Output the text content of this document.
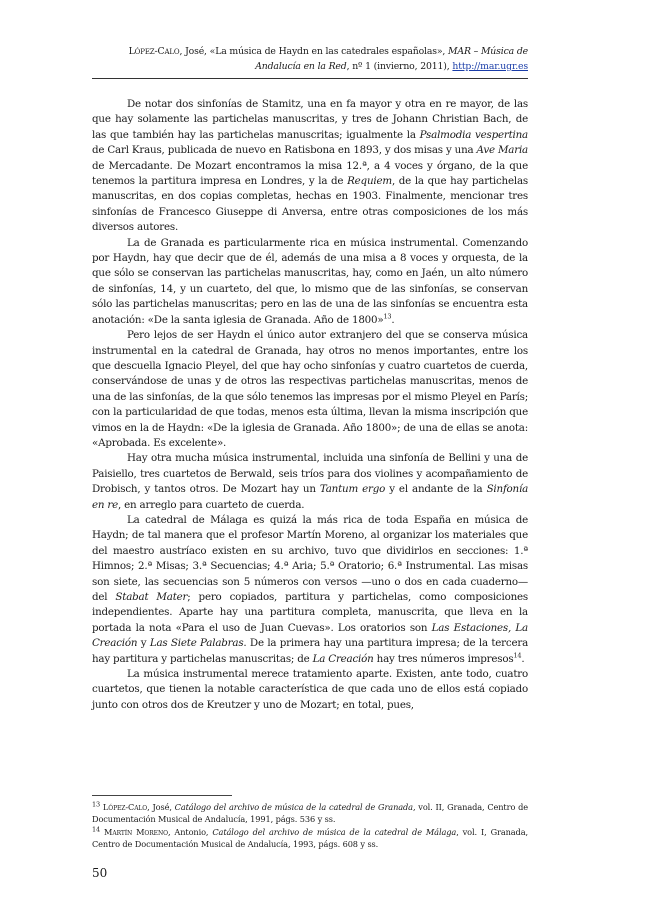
López-Calo, José, «La música de Haydn en las catedrales españolas», MAR – Música de Andalucía en la Red, nº 1 (invierno, 2011), http://mar.ugr.es

De notar dos sinfonías de Stamitz, una en fa mayor y otra en re mayor, de las que hay solamente las partichelas manuscritas, y tres de Johann Christian Bach, de las que también hay las partichelas manuscritas; igualmente la Psalmodia vespertina de Carl Kraus, publicada de nuevo en Ratisbona en 1893, y dos misas y una Ave Maria de Mercadante. De Mozart encontramos la misa 12.ª, a 4 voces y órgano, de la que tenemos la partitura impresa en Londres, y la de Requiem, de la que hay partichelas manuscritas, en dos copias completas, hechas en 1903. Finalmente, mencionar tres sinfonías de Francesco Giuseppe di Anversa, entre otras composiciones de los más diversos autores.

La de Granada es particularmente rica en música instrumental. Comenzando por Haydn, hay que decir que de él, además de una misa a 8 voces y orquesta, de la que sólo se conservan las partichelas manuscritas, hay, como en Jaén, un alto número de sinfonías, 14, y un cuarteto, del que, lo mismo que de las sinfonías, se conservan sólo las partichelas manuscritas; pero en las de una de las sinfonías se encuentra esta anotación: «De la santa iglesia de Granada. Año de 1800»$^{13}$.

Pero lejos de ser Haydn el único autor extranjero del que se conserva música instrumental en la catedral de Granada, hay otros no menos importantes, entre los que descuella Ignacio Pleyel, del que hay ocho sinfonías y cuatro cuartetos de cuerda, conservándose de unas y de otros las respectivas partichelas manuscritas, menos de una de las sinfonías, de la que sólo tenemos las impresas por el mismo Pleyel en París; con la particularidad de que todas, menos esta última, llevan la misma inscripción que vimos en la de Haydn: «De la iglesia de Granada. Año 1800»; de una de ellas se anota: «Aprobada. Es excelente».

Hay otra mucha música instrumental, incluida una sinfonía de Bellini y una de Paisiello, tres cuartetos de Berwald, seis tríos para dos violines y acompañamiento de Drobisch, y tantos otros. De Mozart hay un Tantum ergo y el andante de la Sinfonía en re, en arreglo para cuarteto de cuerda.

La catedral de Málaga es quizá la más rica de toda España en música de Haydn; de tal manera que el profesor Martín Moreno, al organizar los materiales que del maestro austríaco existen en su archivo, tuvo que dividirlos en secciones: 1.ª Himnos; 2.ª Misas; 3.ª Secuencias; 4.ª Aria; 5.ª Oratorio; 6.ª Instrumental. Las misas son siete, las secuencias son 5 números con versos —uno o dos en cada cuaderno— del Stabat Mater; pero copiados, partitura y partichelas, como composiciones independientes. Aparte hay una partitura completa, manuscrita, que lleva en la portada la nota «Para el uso de Juan Cuevas». Los oratorios son Las Estaciones, La Creación y Las Siete Palabras. De la primera hay una partitura impresa; de la tercera hay partitura y partichelas manuscritas; de La Creación hay tres números impresos$^{14}$.

La música instrumental merece tratamiento aparte. Existen, ante todo, cuatro cuartetos, que tienen la notable característica de que cada uno de ellos está copiado junto con otros dos de Kreutzer y uno de Mozart; en total, pues,

$^{13}$ López-Calo, José, Catálogo del archivo de música de la catedral de Granada, vol. II, Granada, Centro de Documentación Musical de Andalucía, 1991, págs. 536 y ss.
$^{14}$ Martín Moreno, Antonio, Catálogo del archivo de música de la catedral de Málaga, vol. I, Granada, Centro de Documentación Musical de Andalucía, 1993, págs. 608 y ss.
50
